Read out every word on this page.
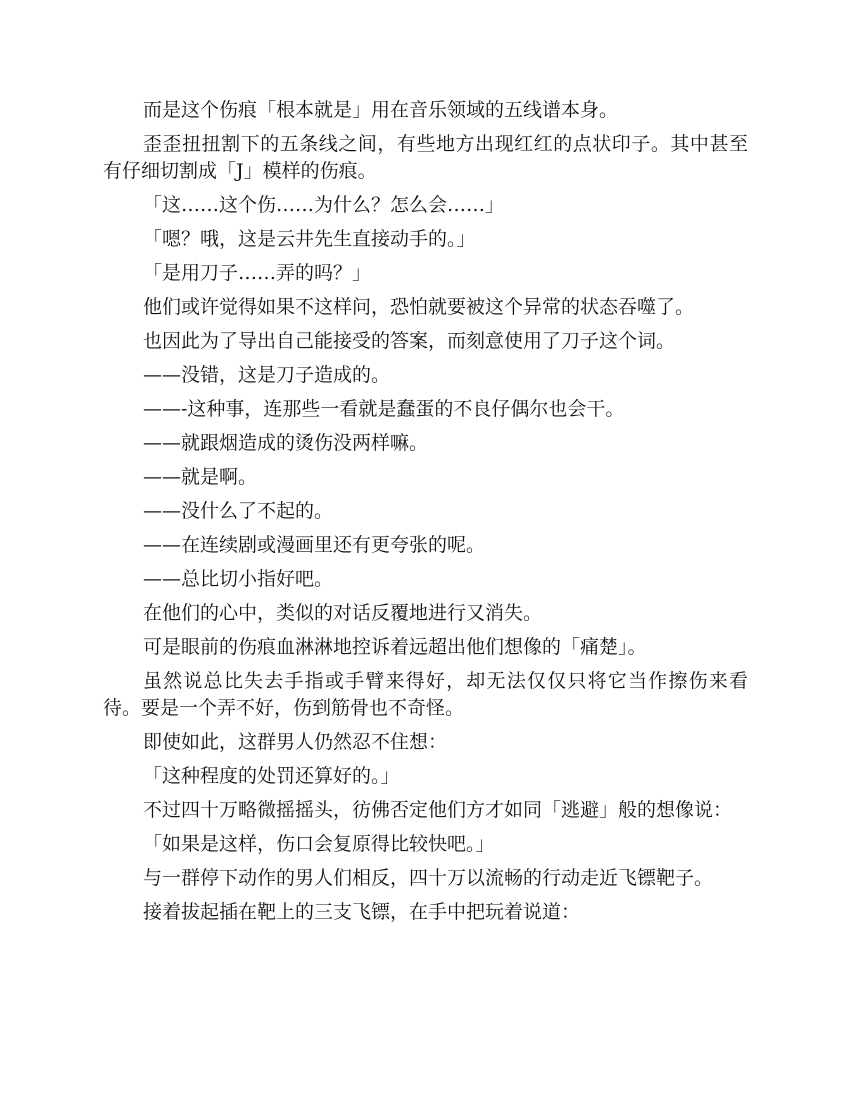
而是这个伤痕「根本就是」用在音乐领域的五线谱本身。

歪歪扭扭割下的五条线之间，有些地方出现红红的点状印子。其中甚至有仔细切割成「J」模样的伤痕。

「这……这个伤……为什么？怎么会……」

「嗯？哦，这是云井先生直接动手的。」

「是用刀子……弄的吗？」

他们或许觉得如果不这样问，恐怕就要被这个异常的状态吞噬了。

也因此为了导出自己能接受的答案，而刻意使用了刀子这个词。

——没错，这是刀子造成的。

——-这种事，连那些一看就是蠢蛋的不良仔偶尔也会干。

——就跟烟造成的烫伤没两样嘛。

——就是啊。

——没什么了不起的。

——在连续剧或漫画里还有更夸张的呢。

——总比切小指好吧。

在他们的心中，类似的对话反覆地进行又消失。

可是眼前的伤痕血淋淋地控诉着远超出他们想像的「痛楚」。

虽然说总比失去手指或手臂来得好，却无法仅仅只将它当作擦伤来看待。要是一个弄不好，伤到筋骨也不奇怪。

即使如此，这群男人仍然忍不住想：

「这种程度的处罚还算好的。」

不过四十万略微摇摇头，彷佛否定他们方才如同「逃避」般的想像说：

「如果是这样，伤口会复原得比较快吧。」

与一群停下动作的男人们相反，四十万以流畅的行动走近飞镖靶子。

接着拔起插在靶上的三支飞镖，在手中把玩着说道：
